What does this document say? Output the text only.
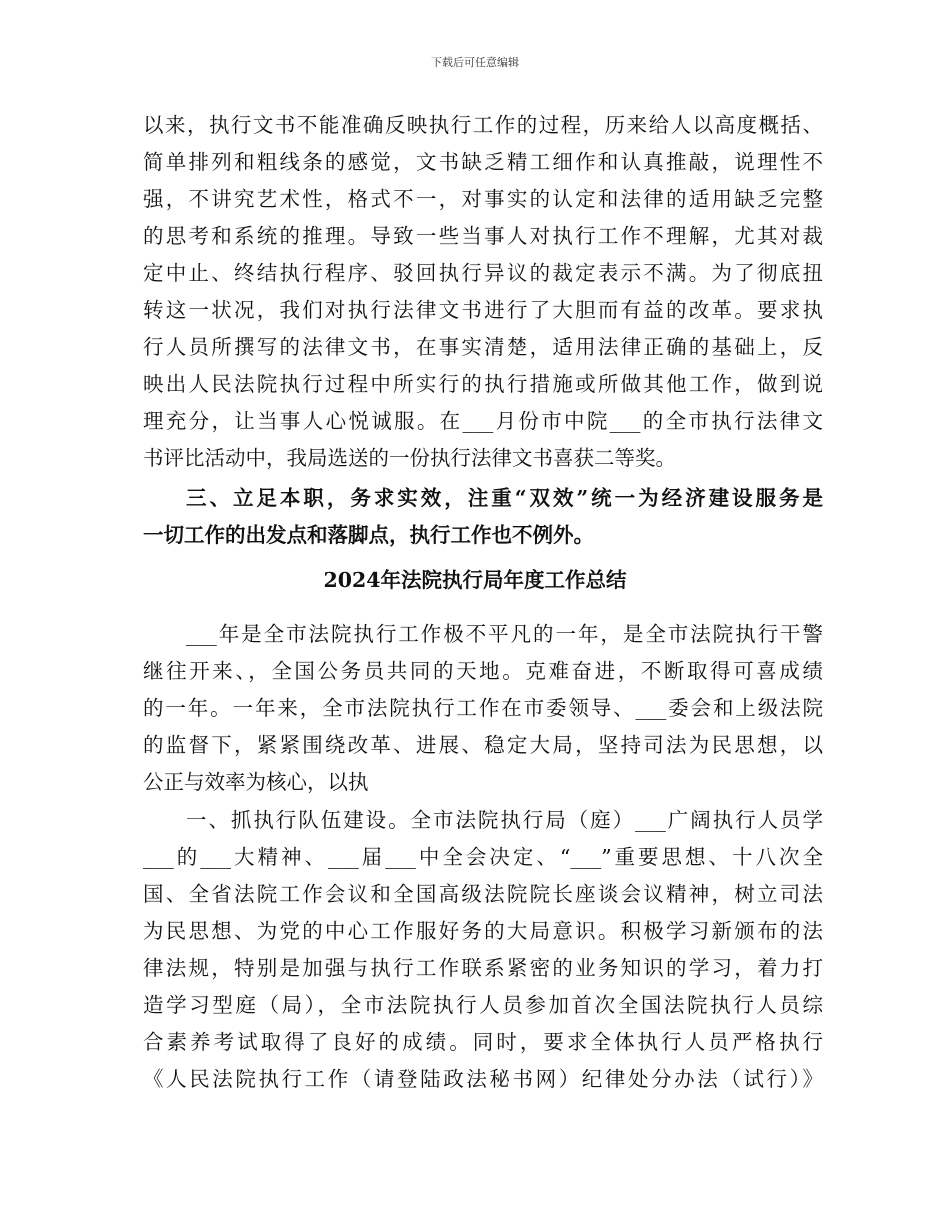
下载后可任意编辑
以来，执行文书不能准确反映执行工作的过程，历来给人以高度概括、
简单排列和粗线条的感觉，文书缺乏精工细作和认真推敲，说理性不
强，不讲究艺术性，格式不一，对事实的认定和法律的适用缺乏完整
的思考和系统的推理。导致一些当事人对执行工作不理解，尤其对裁
定中止、终结执行程序、驳回执行异议的裁定表示不满。为了彻底扭
转这一状况，我们对执行法律文书进行了大胆而有益的改革。要求执
行人员所撰写的法律文书，在事实清楚，适用法律正确的基础上，反
映出人民法院执行过程中所实行的执行措施或所做其他工作，做到说
理充分，让当事人心悦诚服。在___月份市中院___的全市执行法律文
书评比活动中，我局选送的一份执行法律文书喜获二等奖。
三、立足本职，务求实效，注重“双效”统一为经济建设服务是
一切工作的出发点和落脚点，执行工作也不例外。
2024年法院执行局年度工作总结
___年是全市法院执行工作极不平凡的一年，是全市法院执行干警
继往开来、，全国公务员共同的天地。克难奋进，不断取得可喜成绩
的一年。一年来，全市法院执行工作在市委领导、___委会和上级法院
的监督下，紧紧围绕改革、进展、稳定大局，坚持司法为民思想，以
公正与效率为核心，以执
一、抓执行队伍建设。全市法院执行局（庭）___广阔执行人员学
___的___大精神、___届___中全会决定、“___”重要思想、十八次全
国、全省法院工作会议和全国高级法院院长座谈会议精神，树立司法
为民思想、为党的中心工作服好务的大局意识。积极学习新颁布的法
律法规，特别是加强与执行工作联系紧密的业务知识的学习，着力打
造学习型庭（局），全市法院执行人员参加首次全国法院执行人员综
合素养考试取得了良好的成绩。同时，要求全体执行人员严格执行
《人民法院执行工作（请登陆政法秘书网）纪律处分办法（试行）》
